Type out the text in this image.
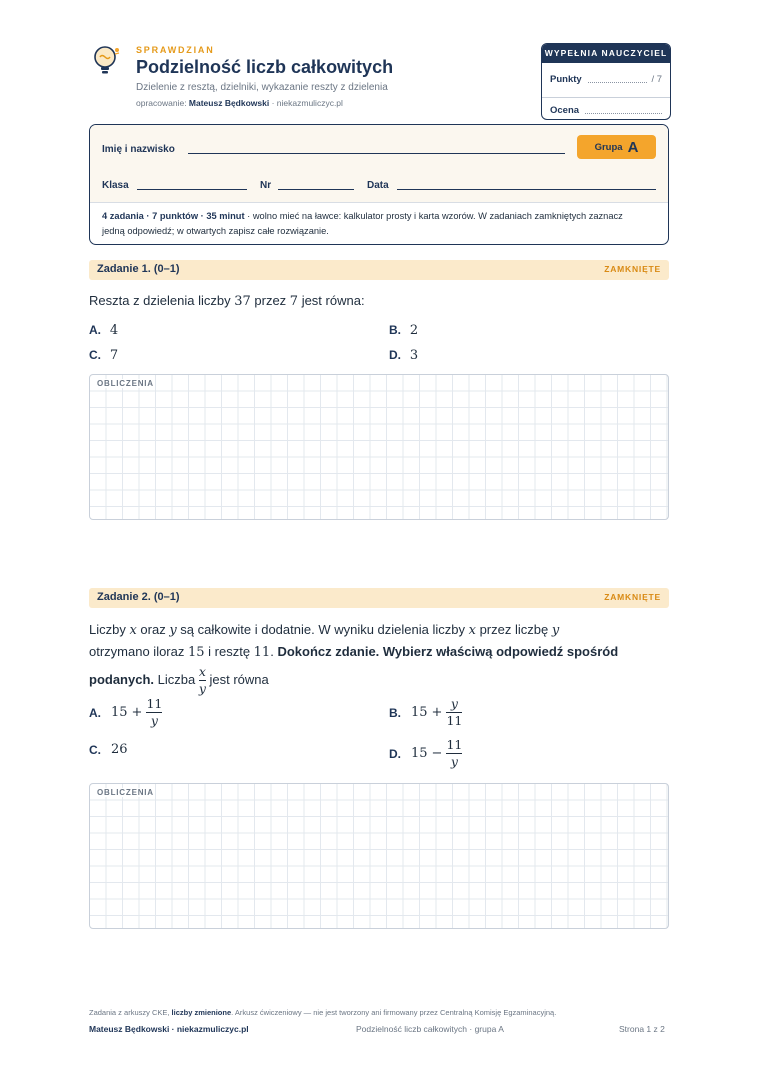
SPRAWDZIAN
Podzielność liczb całkowitych
Dzielenie z resztą, dzielniki, wykazanie reszty z dzielenia
opracowanie: Mateusz Będkowski · niekazmuliczyc.pl
WYPEŁNIA NAUCZYCIEL
Punkty	/ 7
Ocena
Imię i nazwisko	Grupa A
Klasa	Nr	Data
4 zadania · 7 punktów · 35 minut · wolno mieć na ławce: kalkulator prosty i karta wzorów. W zadaniach zamkniętych zaznacz jedną odpowiedź; w otwartych zapisz całe rozwiązanie.
Zadanie 1. (0–1)	ZAMKNIĘTE
Reszta z dzielenia liczby 37 przez 7 jest równa:
A. 4	B. 2
C. 7	D. 3
OBLICZENIA
Zadanie 2. (0–1)	ZAMKNIĘTE
Liczby x oraz y są całkowite i dodatnie. W wyniku dzielenia liczby x przez liczbę y
otrzymano iloraz 15 i resztę 11. Dokończ zdanie. Wybierz właściwą odpowiedź spośród
podanych. Liczba $\frac{x}{y}$ jest równa
A. $15 + \frac{11}{y}$	B. $15 + \frac{y}{11}$
C. 26	D. $15 - \frac{11}{y}$
OBLICZENIA
Zadania z arkuszy CKE, liczby zmienione. Arkusz ćwiczeniowy — nie jest tworzony ani firmowany przez Centralną Komisję Egzaminacyjną.
Mateusz Będkowski · niekazmuliczyc.pl	Podzielność liczb całkowitych · grupa A	Strona 1 z 2
